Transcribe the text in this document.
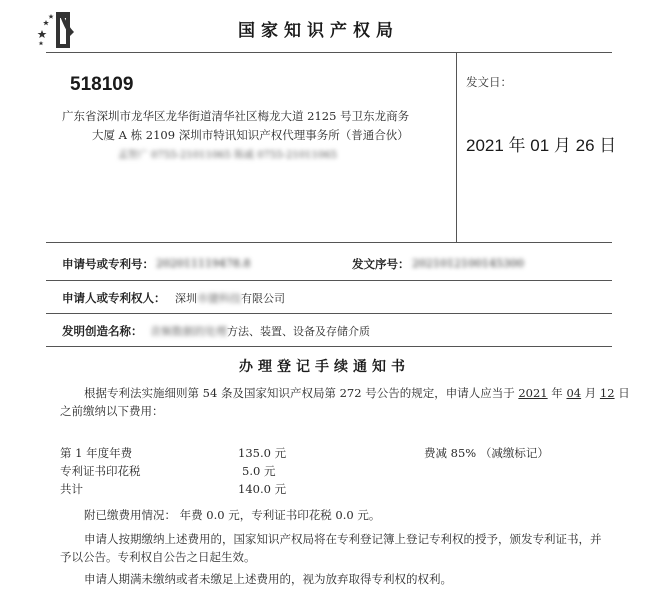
国家知识产权局
518109
广东省深圳市龙华区龙华街道清华社区梅龙大道 2125 号卫东龙商务
大厦 A 栋 2109 深圳市特讯知识产权代理事务所（普通合伙）
孟智广 0755-21011065 陈戚 0755-21011065
发文日：
2021 年 01 月 26 日
申请号或专利号： 202011119478.8	发文序号： 2021012100145300
申请人或专利权人： 深圳市捷科技有限公司
发明创造名称： 音频数据的处理方法、装置、设备及存储介质
办理登记手续通知书
根据专利法实施细则第 54 条及国家知识产权局第 272 号公告的规定，申请人应当于 2021 年 04 月 12 日
之前缴纳以下费用：
第 1 年度年费	135.0 元	费减 85% （减缴标记）
专利证书印花税	5.0 元
共计	140.0 元
附已缴费用情况： 年费 0.0 元，专利证书印花税 0.0 元。
申请人按期缴纳上述费用的，国家知识产权局将在专利登记簿上登记专利权的授予，颁发专利证书，并
予以公告。专利权自公告之日起生效。
申请人期满未缴纳或者未缴足上述费用的，视为放弃取得专利权的权利。
